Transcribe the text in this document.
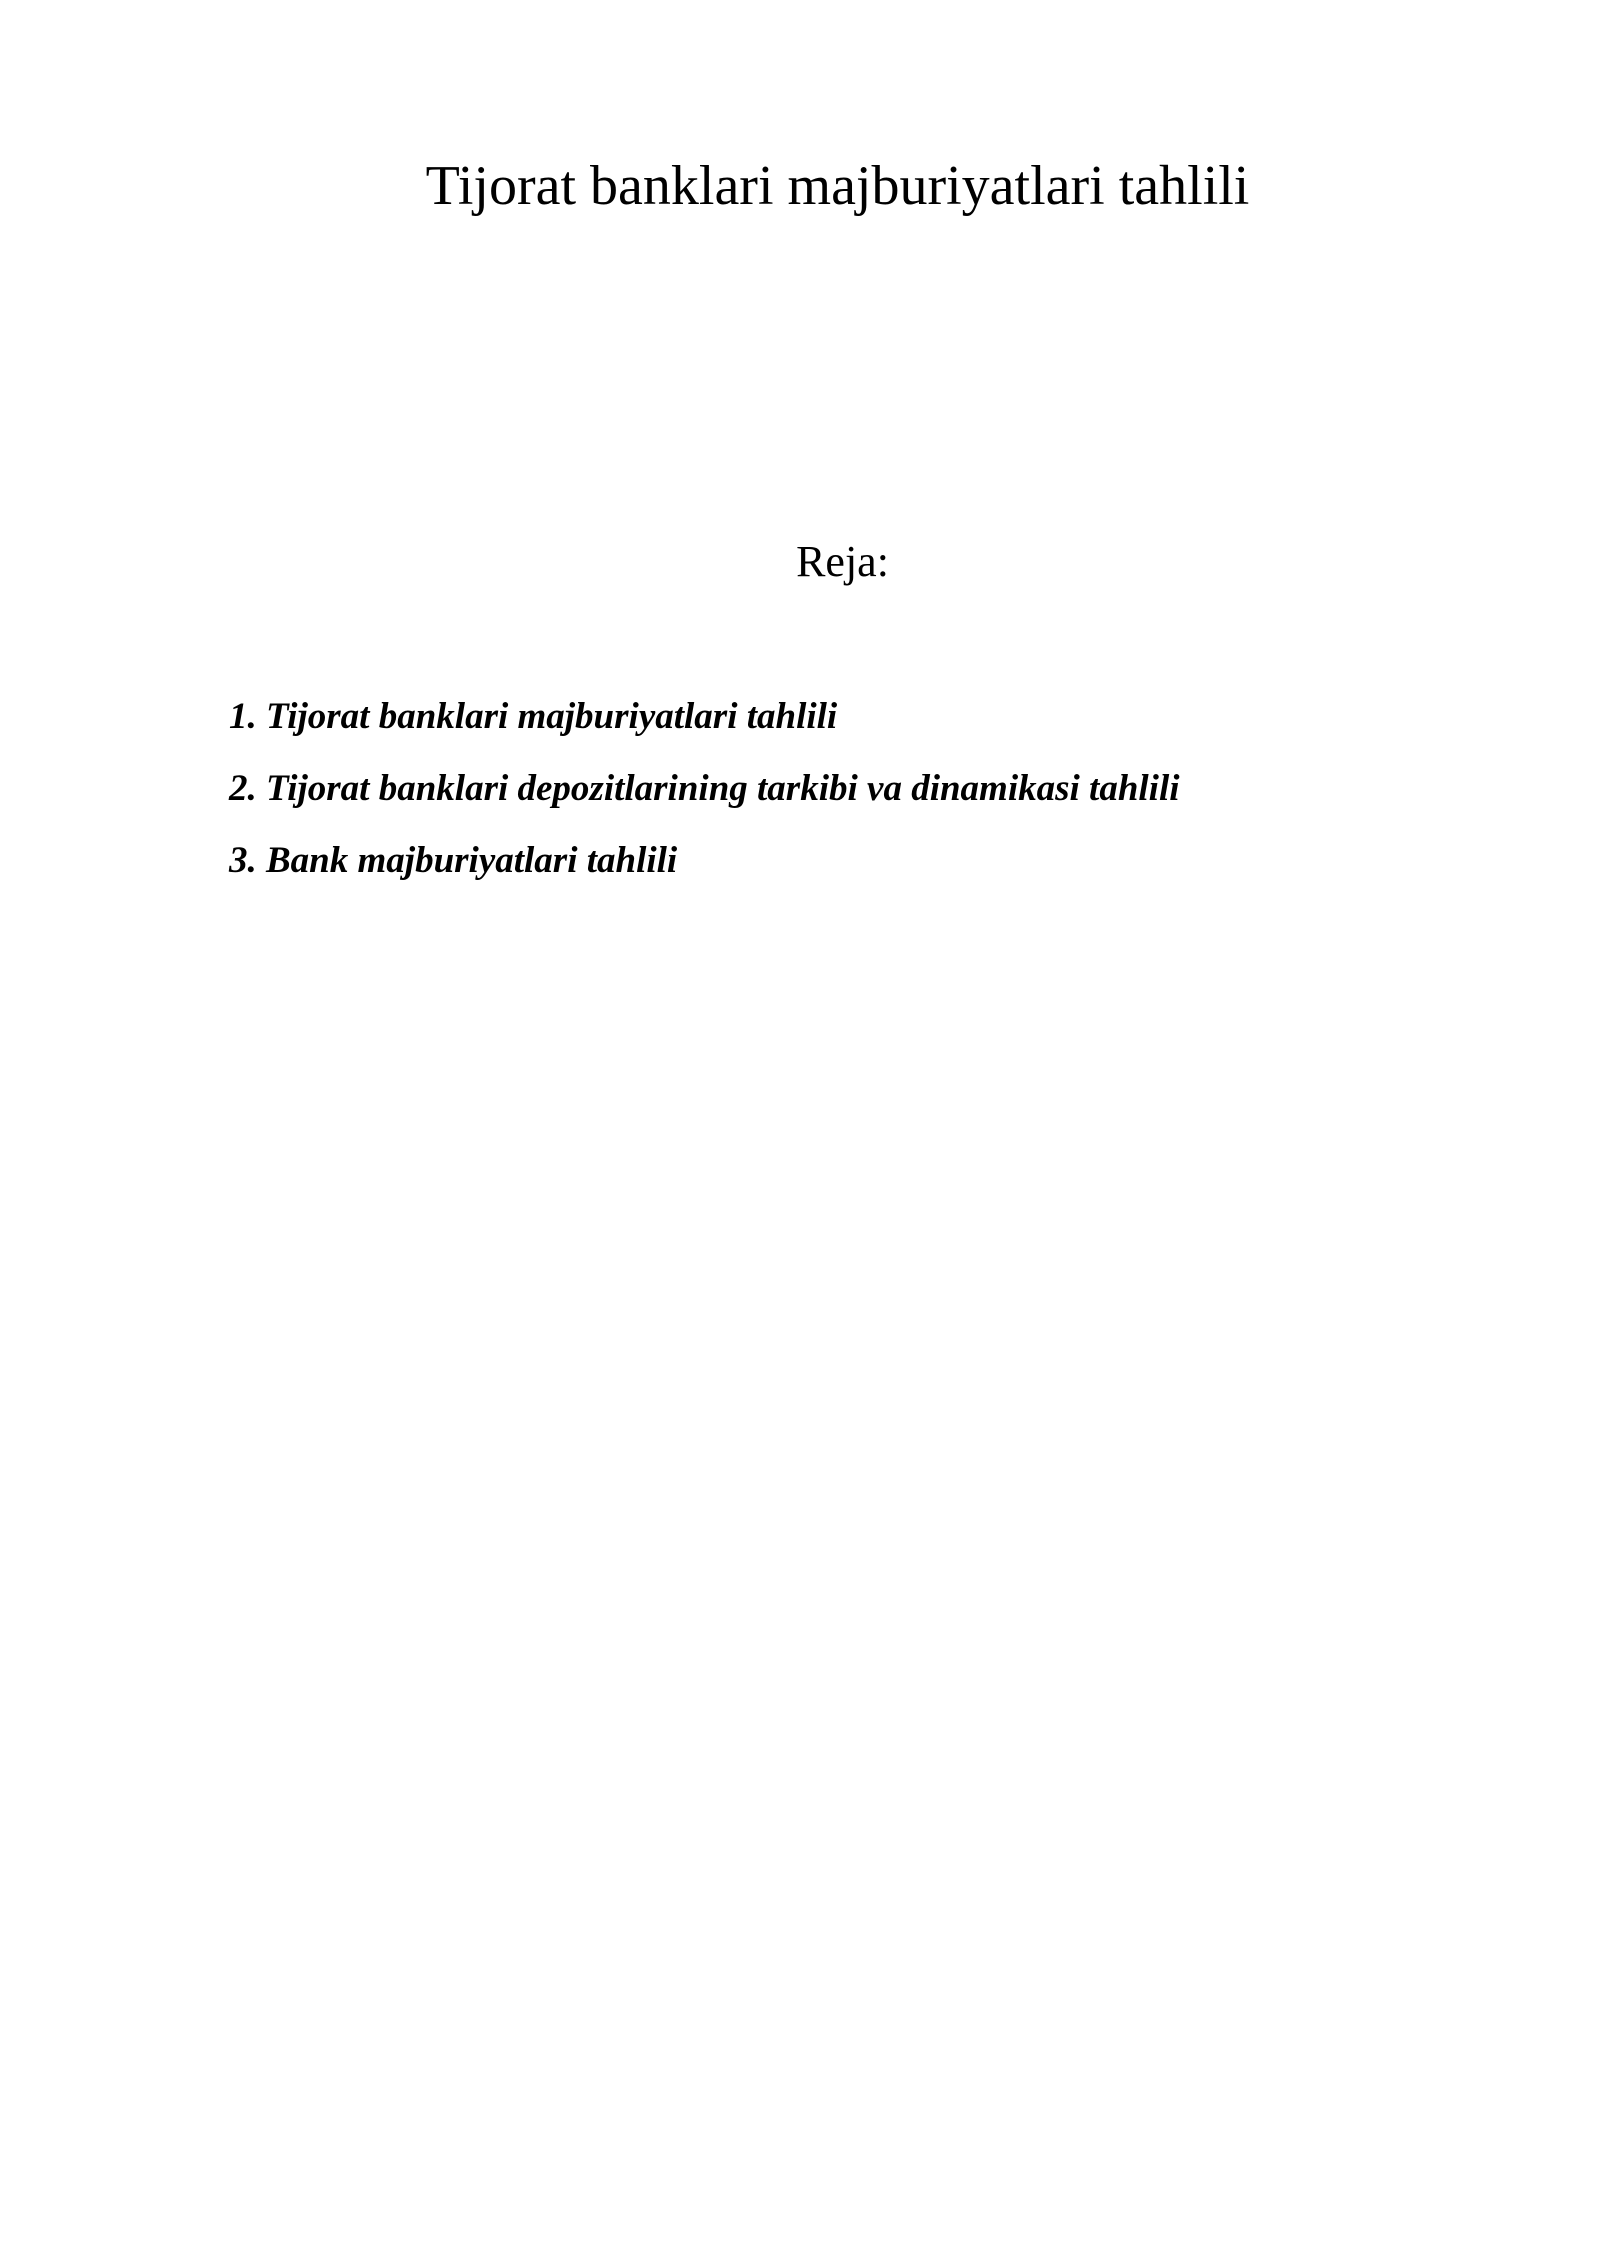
Tijorat banklari majburiyatlari tahlili
Reja:
1. Tijorat banklari majburiyatlari tahlili
2. Tijorat banklari depozitlarining tarkibi va dinamikasi tahlili
3. Bank majburiyatlari tahlili
